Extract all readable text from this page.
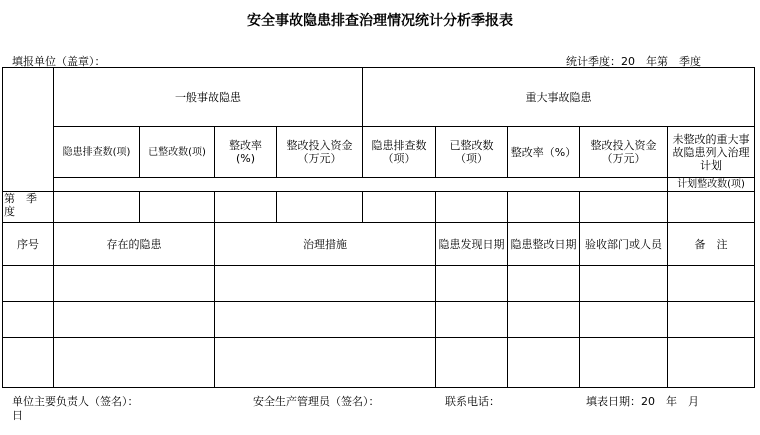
安全事故隐患排查治理情况统计分析季报表
填报单位（盖章）：	统计季度：20　年第　季度
	一般事故隐患				重大事故隐患				
	隐患排查数(项)	已整改数(项)	整改率　(%)	整改投入资金（万元）	隐患排查数（项）	已整改数（项）	整改率（%）	整改投入资金（万元）	未整改的重大事故隐患列入治理计划
									计划整改数(项)
第　季　度									
序号	存在的隐患		治理措施			隐患发现日期	隐患整改日期	验收部门或人员	备　注

单位主要负责人（签名）：	安全生产管理员（签名）：	联系电话：	填表日期：20　年　月
日
